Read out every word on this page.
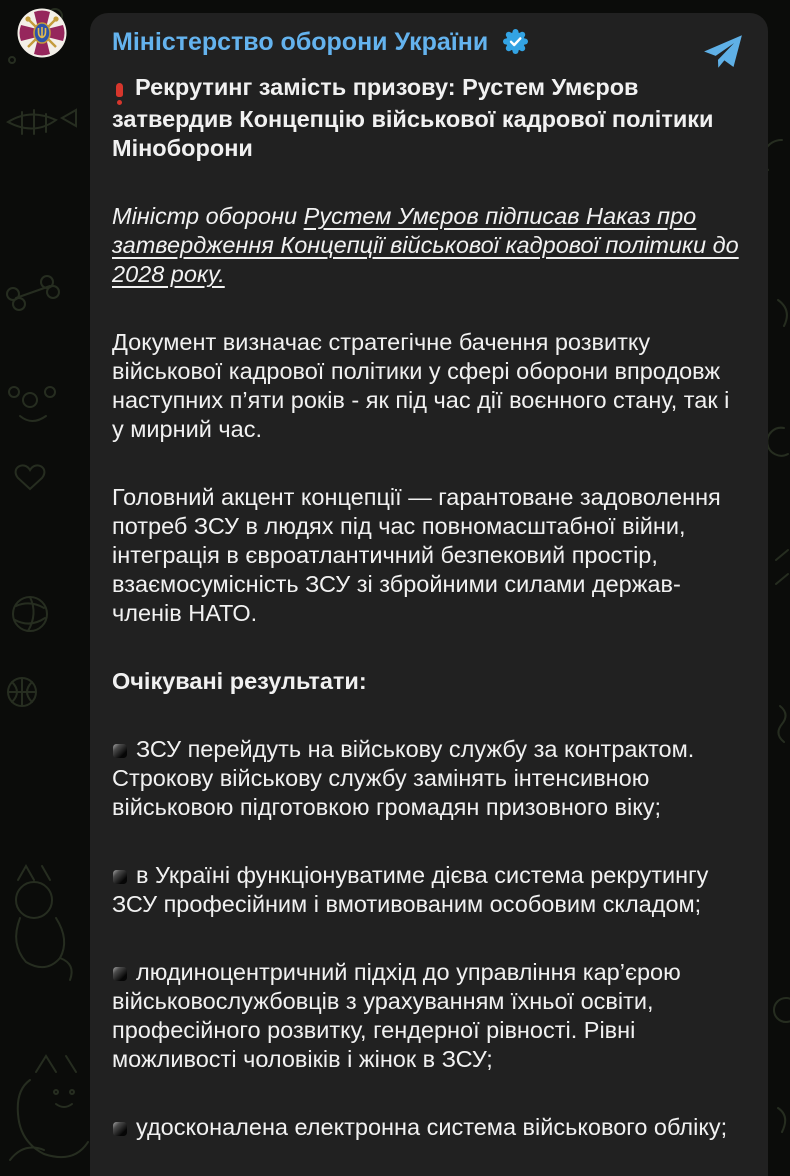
Міністерство оборони України

Рекрутинг замість призову: Рустем Умєров затвердив Концепцію військової кадрової політики Міноборони

Міністр оборони Рустем Умєров підписав Наказ про затвердження Концепції військової кадрової політики до 2028 року.

Документ визначає стратегічне бачення розвитку військової кадрової політики у сфері оборони впродовж наступних п’яти років - як під час дії воєнного стану, так і у мирний час.

Головний акцент концепції — гарантоване задоволення потреб ЗСУ в людях під час повномасштабної війни, інтеграція в євроатлантичний безпековий простір, взаємосумісність ЗСУ зі збройними силами держав-членів НАТО.

Очікувані результати:

ЗСУ перейдуть на військову службу за контрактом. Строкову військову службу замінять інтенсивною військовою підготовкою громадян призовного віку;

в Україні функціонуватиме дієва система рекрутингу ЗСУ професійним і вмотивованим особовим складом;

людиноцентричний підхід до управління кар’єрою військовослужбовців з урахуванням їхньої освіти, професійного розвитку, гендерної рівності. Рівні можливості чоловіків і жінок в ЗСУ;

удосконалена електронна система військового обліку;
